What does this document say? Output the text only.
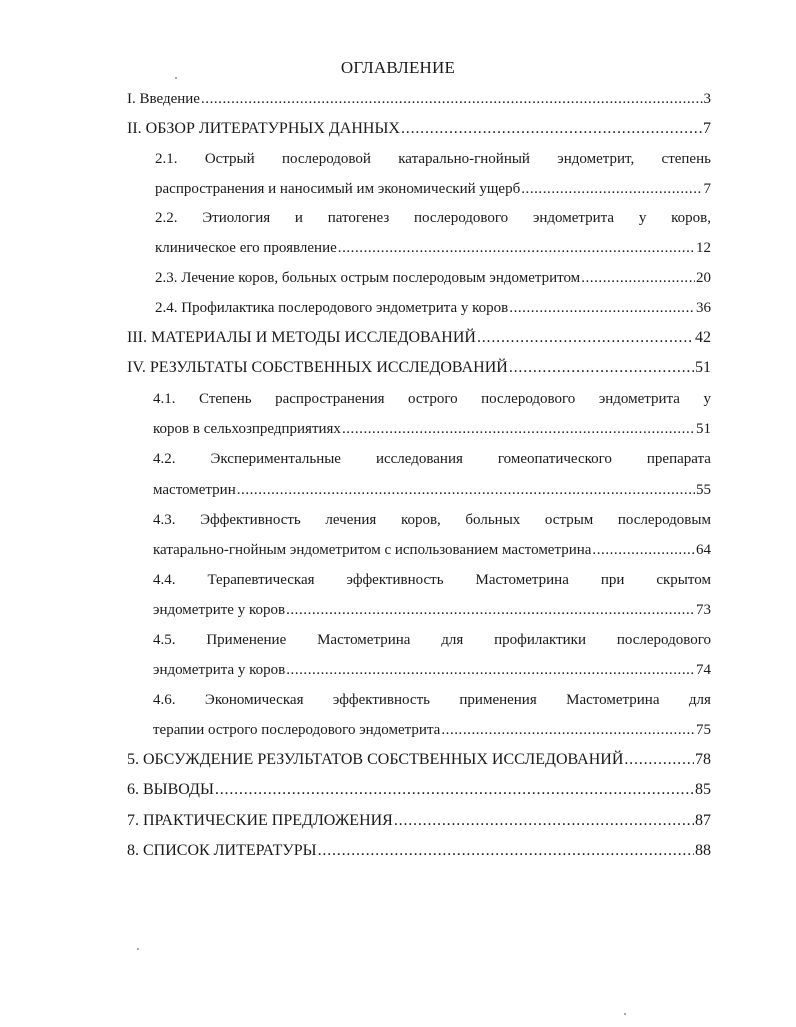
ОГЛАВЛЕНИЕ
I. Введение . . .	3
II. ОБЗОР ЛИТЕРАТУРНЫХ ДАННЫХ . . .	7
2.1. Острый послеродовой катарально-гнойный эндометрит, степень
распространения и наносимый им экономический ущерб . . .	7
2.2. Этиология и патогенез послеродового эндометрита у коров,
клиническое его проявление . . .	12
2.3. Лечение коров, больных острым послеродовым эндометритом . . .	20
2.4. Профилактика послеродового эндометрита у коров . . .	36
III. МАТЕРИАЛЫ И МЕТОДЫ ИССЛЕДОВАНИЙ . . .	42
IV. РЕЗУЛЬТАТЫ СОБСТВЕННЫХ ИССЛЕДОВАНИЙ . . .	51
4.1. Степень распространения острого послеродового эндометрита у
коров в сельхозпредприятиях . . .	51
4.2. Экспериментальные исследования гомеопатического препарата
мастометрин . . .	55
4.3. Эффективность лечения коров, больных острым послеродовым
катарально-гнойным эндометритом с использованием мастометрина . . .	64
4.4. Терапевтическая эффективность Мастометрина при скрытом
эндометрите у коров . . .	73
4.5. Применение Мастометрина для профилактики послеродового
эндометрита у коров . . .	74
4.6. Экономическая эффективность применения Мастометрина для
терапии острого послеродового эндометрита . . .	75
5. ОБСУЖДЕНИЕ РЕЗУЛЬТАТОВ СОБСТВЕННЫХ ИССЛЕДОВАНИЙ . . .	78
6. ВЫВОДЫ . . .	85
7. ПРАКТИЧЕСКИЕ ПРЕДЛОЖЕНИЯ . . .	87
8. СПИСОК ЛИТЕРАТУРЫ . . .	88
